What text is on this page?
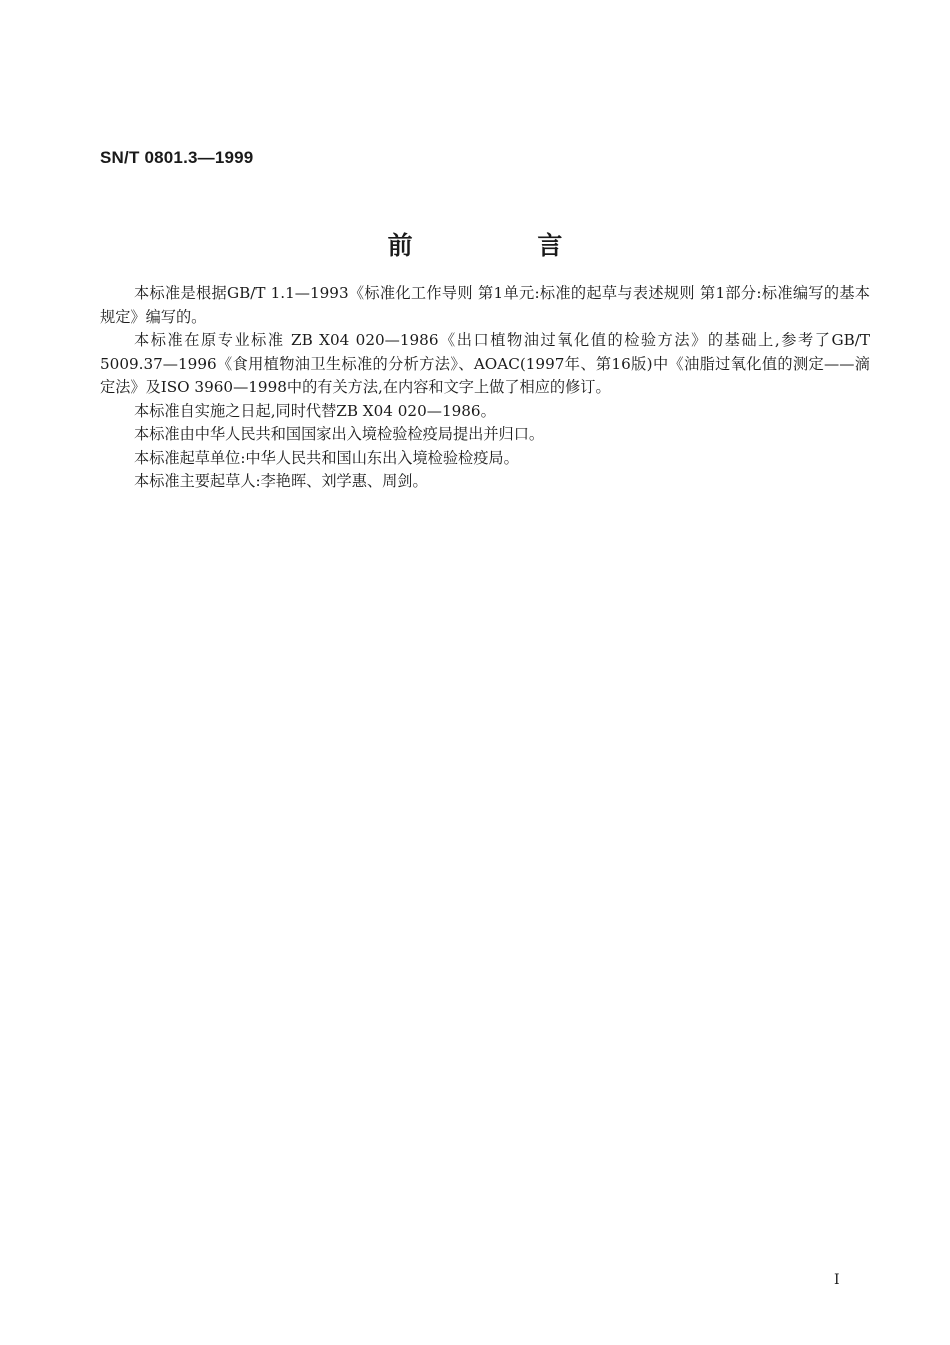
SN/T 0801.3—1999
前 言

本标准是根据GB/T 1.1—1993《标准化工作导则 第1单元:标准的起草与表述规则 第1部分:标准编写的基本规定》编写的。

本标准在原专业标准 ZB X04 020—1986《出口植物油过氧化值的检验方法》的基础上,参考了GB/T 5009.37—1996《食用植物油卫生标准的分析方法》、AOAC(1997年、第16版)中《油脂过氧化值的测定——滴定法》及ISO 3960—1998中的有关方法,在内容和文字上做了相应的修订。

本标准自实施之日起,同时代替ZB X04 020—1986。

本标准由中华人民共和国国家出入境检验检疫局提出并归口。

本标准起草单位:中华人民共和国山东出入境检验检疫局。

本标准主要起草人:李艳晖、刘学惠、周剑。

I
